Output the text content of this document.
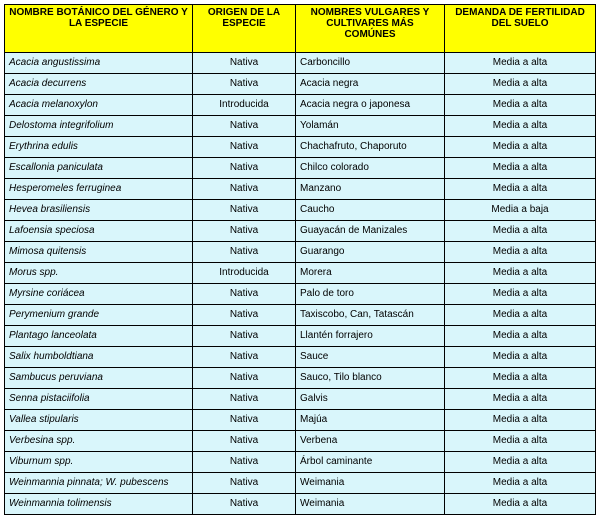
NOMBRE BOTÁNICO DEL GÉNERO Y LA ESPECIE	ORIGEN DE LA ESPECIE	NOMBRES VULGARES Y CULTIVARES MÁS COMÚNES	DEMANDA DE FERTILIDAD DEL SUELO
Acacia angustissima	Nativa	Carboncillo	Media a alta
Acacia decurrens	Nativa	Acacia negra	Media a alta
Acacia melanoxylon	Introducida	Acacia negra o japonesa	Media a alta
Delostoma integrifolium	Nativa	Yolamán	Media a alta
Erythrina edulis	Nativa	Chachafruto, Chaporuto	Media a alta
Escallonia paniculata	Nativa	Chilco colorado	Media a alta
Hesperomeles ferruginea	Nativa	Manzano	Media a alta
Hevea brasiliensis	Nativa	Caucho	Media a baja
Lafoensia speciosa	Nativa	Guayacán de Manizales	Media a alta
Mimosa quitensis	Nativa	Guarango	Media a alta
Morus spp.	Introducida	Morera	Media a alta
Myrsine coriácea	Nativa	Palo de toro	Media a alta
Perymenium grande	Nativa	Taxiscobo, Can, Tatascán	Media a alta
Plantago lanceolata	Nativa	Llantén forrajero	Media a alta
Salix humboldtiana	Nativa	Sauce	Media a alta
Sambucus peruviana	Nativa	Sauco, Tilo blanco	Media a alta
Senna pistaciifolia	Nativa	Galvis	Media a alta
Vallea stipularis	Nativa	Majúa	Media a alta
Verbesina spp.	Nativa	Verbena	Media a alta
Viburnum spp.	Nativa	Árbol caminante	Media a alta
Weinmannia pinnata; W. pubescens	Nativa	Weimania	Media a alta
Weinmannia tolimensis	Nativa	Weimania	Media a alta
